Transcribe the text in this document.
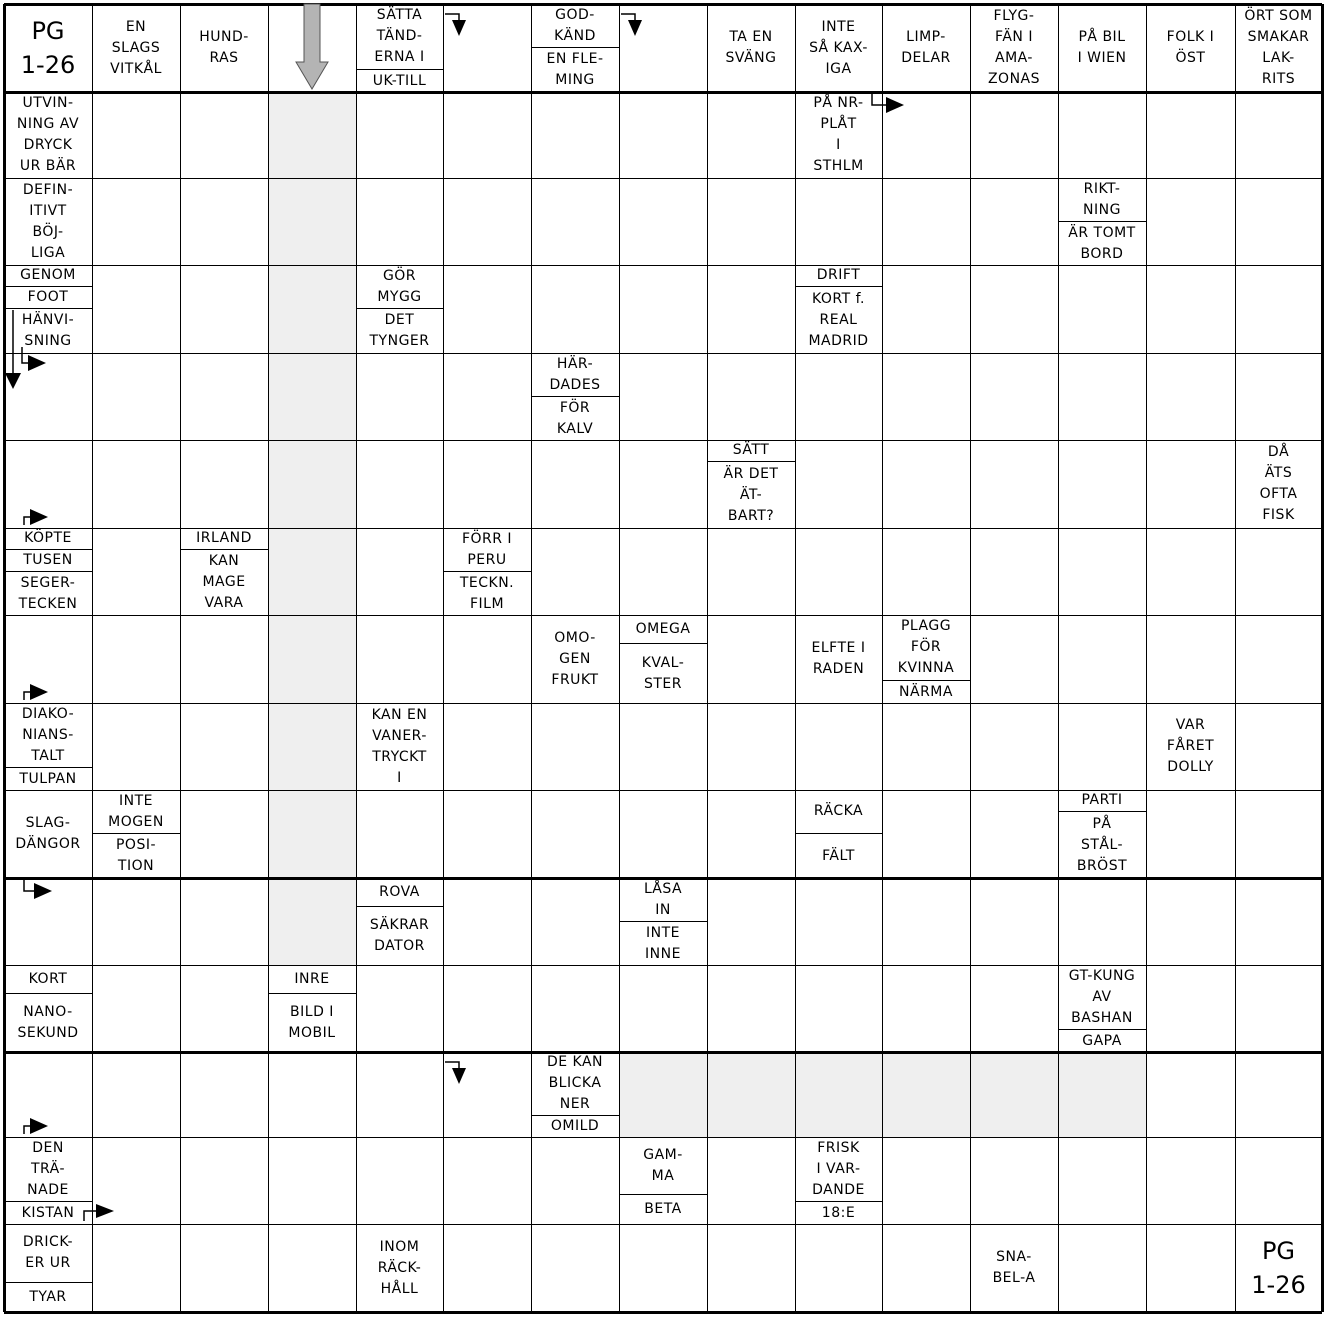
PG
1-26
PG
1-26
EN
SLAGS
VITKÅL
HUND-
RAS
SÄTTA
TÄND-
ERNA I
UK-TILL
GOD-
KÄND
EN FLE-
MING
TA EN
SVÄNG
INTE
SÅ KAX-
IGA
LIMP-
DELAR
FLYG-
FÄN I
AMA-
ZONAS
PÅ BIL
I WIEN
FOLK I
ÖST
ÖRT SOM
SMAKAR
LAK-
RITS
UTVIN-
NING AV
DRYCK
UR BÄR
PÅ NR-
PLÅT
I
STHLM
DEFIN-
ITIVT
BÖJ-
LIGA
RIKT-
NING
ÄR TOMT
BORD
GENOM
FOOT
HÄNVI-
SNING
GÖR
MYGG
DET
TYNGER
DRIFT
KORT f.
REAL
MADRID
HÄR-
DADES
FÖR
KALV
SÄTT
ÄR DET
ÄT-
BART?
DÅ
ÄTS
OFTA
FISK
KÖPTE
TUSEN
SEGER-
TECKEN
IRLAND
KAN
MAGE
VARA
FÖRR I
PERU
TECKN.
FILM
OMO-
GEN
FRUKT
OMEGA
KVAL-
STER
ELFTE I
RADEN
PLAGG
FÖR
KVINNA
NÄRMA
DIAKO-
NIANS-
TALT
TULPAN
KAN EN
VANER-
TRYCKT
I
VAR
FÅRET
DOLLY
SLAG-
DÄNGOR
INTE
MOGEN
POSI-
TION
RÄCKA
FÄLT
PARTI
PÅ
STÅL-
BRÖST
ROVA
SÄKRAR
DATOR
LÅSA
IN
INTE
INNE
KORT
NANO-
SEKUND
INRE
BILD I
MOBIL
GT-KUNG
AV
BASHAN
GAPA
DE KAN
BLICKA
NER
OMILD
DEN
TRÄ-
NADE
KISTAN
GAM-
MA
BETA
FRISK
I VAR-
DANDE
18:E
DRICK-
ER UR
TYAR
INOM
RÄCK-
HÅLL
SNA-
BEL-A
